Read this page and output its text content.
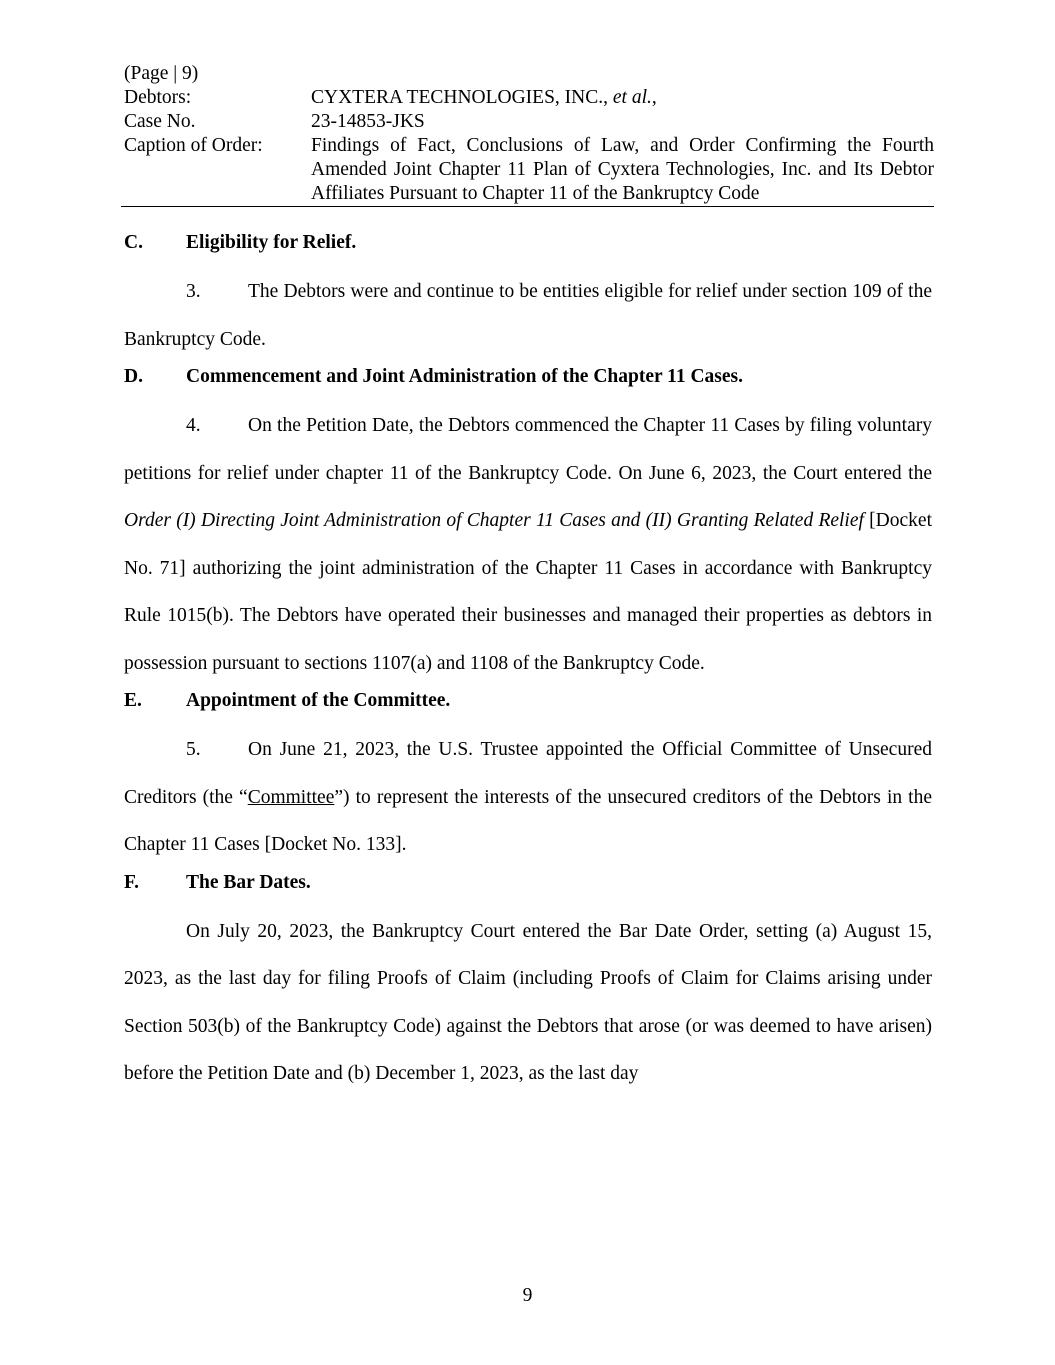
(Page | 9)
Debtors:	CYXTERA TECHNOLOGIES, INC., et al.,
Case No.	23-14853-JKS
Caption of Order:	Findings of Fact, Conclusions of Law, and Order Confirming the Fourth Amended Joint Chapter 11 Plan of Cyxtera Technologies, Inc. and Its Debtor Affiliates Pursuant to Chapter 11 of the Bankruptcy Code
C.	Eligibility for Relief.

3. The Debtors were and continue to be entities eligible for relief under section 109 of the Bankruptcy Code.

D.	Commencement and Joint Administration of the Chapter 11 Cases.

4. On the Petition Date, the Debtors commenced the Chapter 11 Cases by filing voluntary petitions for relief under chapter 11 of the Bankruptcy Code. On June 6, 2023, the Court entered the Order (I) Directing Joint Administration of Chapter 11 Cases and (II) Granting Related Relief [Docket No. 71] authorizing the joint administration of the Chapter 11 Cases in accordance with Bankruptcy Rule 1015(b). The Debtors have operated their businesses and managed their properties as debtors in possession pursuant to sections 1107(a) and 1108 of the Bankruptcy Code.

E.	Appointment of the Committee.

5. On June 21, 2023, the U.S. Trustee appointed the Official Committee of Unsecured Creditors (the “Committee”) to represent the interests of the unsecured creditors of the Debtors in the Chapter 11 Cases [Docket No. 133].

F.	The Bar Dates.

On July 20, 2023, the Bankruptcy Court entered the Bar Date Order, setting (a) August 15, 2023, as the last day for filing Proofs of Claim (including Proofs of Claim for Claims arising under Section 503(b) of the Bankruptcy Code) against the Debtors that arose (or was deemed to have arisen) before the Petition Date and (b) December 1, 2023, as the last day

9
